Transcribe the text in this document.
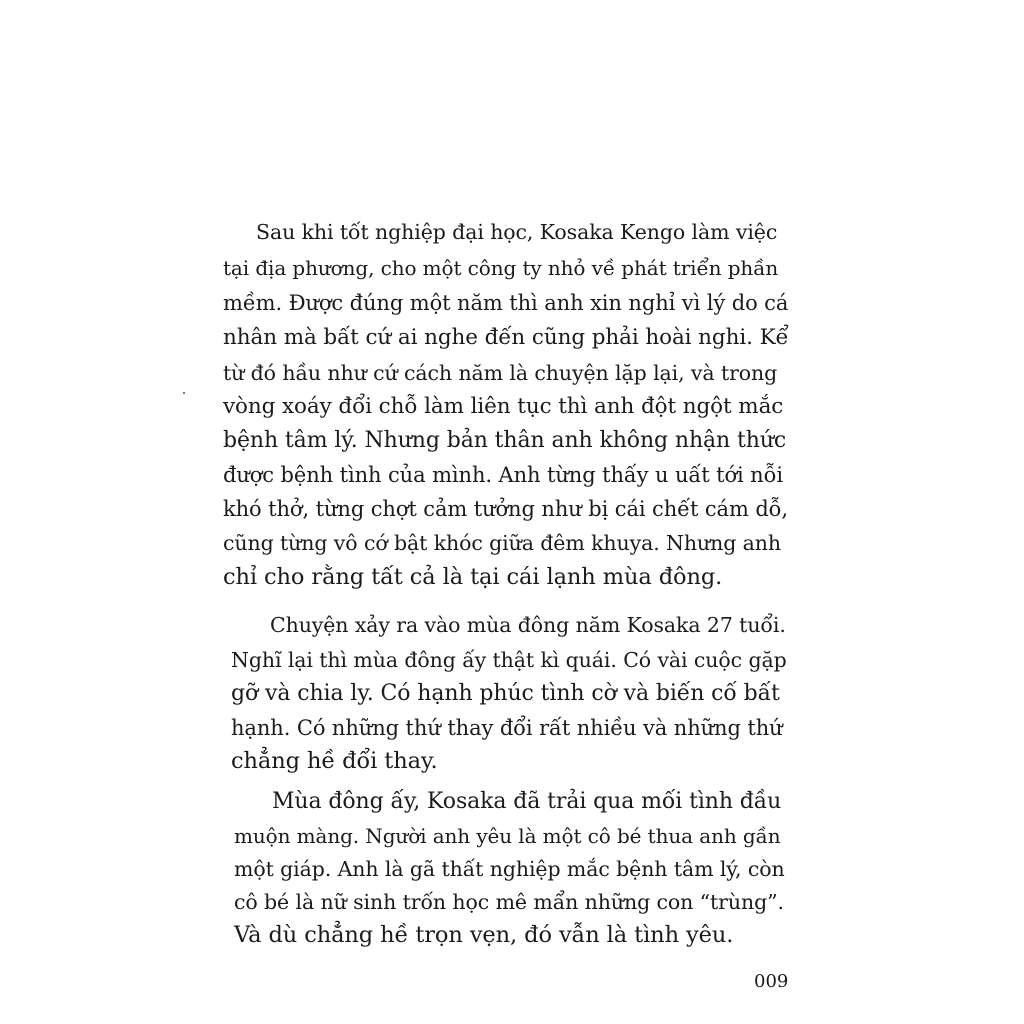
Sau khi tốt nghiệp đại học, Kosaka Kengo làm việc
tại địa phương, cho một công ty nhỏ về phát triển phần
mềm. Được đúng một năm thì anh xin nghỉ vì lý do cá
nhân mà bất cứ ai nghe đến cũng phải hoài nghi. Kể
từ đó hầu như cứ cách năm là chuyện lặp lại, và trong
vòng xoáy đổi chỗ làm liên tục thì anh đột ngột mắc
bệnh tâm lý. Nhưng bản thân anh không nhận thức
được bệnh tình của mình. Anh từng thấy u uất tới nỗi
khó thở, từng chợt cảm tưởng như bị cái chết cám dỗ,
cũng từng vô cớ bật khóc giữa đêm khuya. Nhưng anh
chỉ cho rằng tất cả là tại cái lạnh mùa đông.
Chuyện xảy ra vào mùa đông năm Kosaka 27 tuổi.
Nghĩ lại thì mùa đông ấy thật kì quái. Có vài cuộc gặp
gỡ và chia ly. Có hạnh phúc tình cờ và biến cố bất
hạnh. Có những thứ thay đổi rất nhiều và những thứ
chẳng hề đổi thay.
Mùa đông ấy, Kosaka đã trải qua mối tình đầu
muộn màng. Người anh yêu là một cô bé thua anh gần
một giáp. Anh là gã thất nghiệp mắc bệnh tâm lý, còn
cô bé là nữ sinh trốn học mê mẩn những con “trùng”.
Và dù chẳng hề trọn vẹn, đó vẫn là tình yêu.
009
